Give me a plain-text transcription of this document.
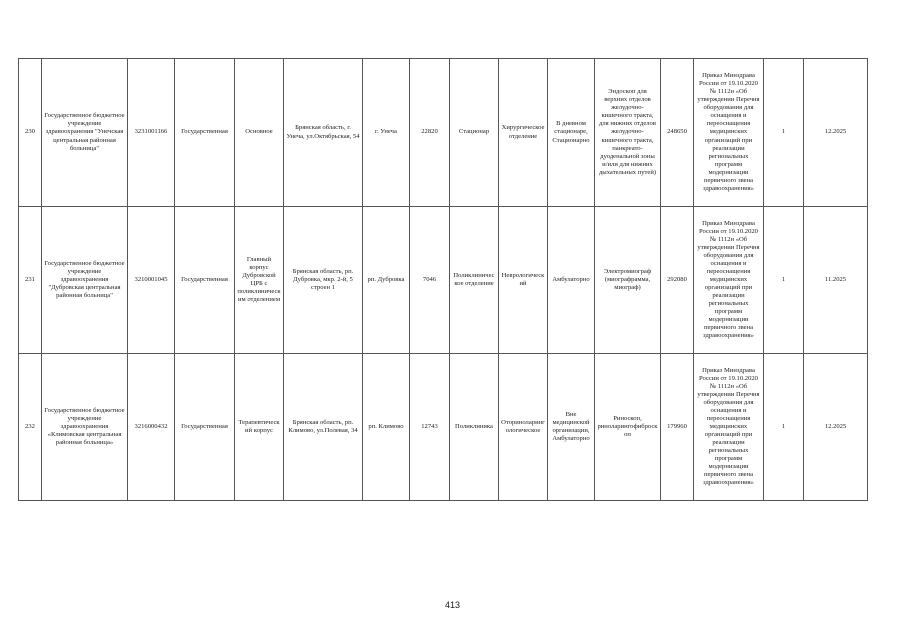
230	Государственное бюджетное учреждение здравоохранения "Унечская центральная районная больница"	3231001166	Государственная	Основное	Брянская область, г. Унеча, ул.Октябрьская, 54	г. Унеча	22820	Стационар	Хирургическое отделение	В дневном стационаре, Стационарно	Эндоскоп для верхних отделов желудочно-кишечного тракта, для нижних отделов желудочно-кишечного тракта, панкреато-дуоденальной зоны и/или для нижних дыхательных путей)	248650	Приказ Минздрава России от 19.10.2020 № 1112н «Об утверждении Перечня оборудования для оснащения и переоснащения медицинских организаций при реализации региональных программ модернизации первичного звена здравоохранения»	1	12.2025
231	Государственное бюджетное учреждение здравоохранения "Дубровская центральная районная больница"	3210001045	Государственная	Главный корпус Дубровской ЦРБ с поликлиническим отделением	Брянская область, рп. Дубровка, мкр. 2-й, 5 строен 1	рп. Дубровка	7046	Поликлиническое отделение	Неврологический	Амбулаторно	Электромиограф (миографрамма, миограф)	292080	Приказ Минздрава России от 19.10.2020 № 1112н «Об утверждении Перечня оборудования для оснащения и переоснащения медицинских организаций при реализации региональных программ модернизации первичного звена здравоохранения»	1	11.2025
232	Государственное бюджетное учреждение здравоохранения «Климовская центральная районная больница»	3216000432	Государственная	Терапевтический корпус	Брянская область, рп. Климово, ул.Полевая, 34	рп. Климово	12743	Поликлиника	Оториноларингологическое	Вне медицинской организации, Амбулаторно	Риноскоп, риноларингофиброскоп	179960	Приказ Минздрава России от 19.10.2020 № 1112н «Об утверждении Перечня оборудования для оснащения и переоснащения медицинских организаций при реализации региональных программ модернизации первичного звена здравоохранения»	1	12.2025
413
